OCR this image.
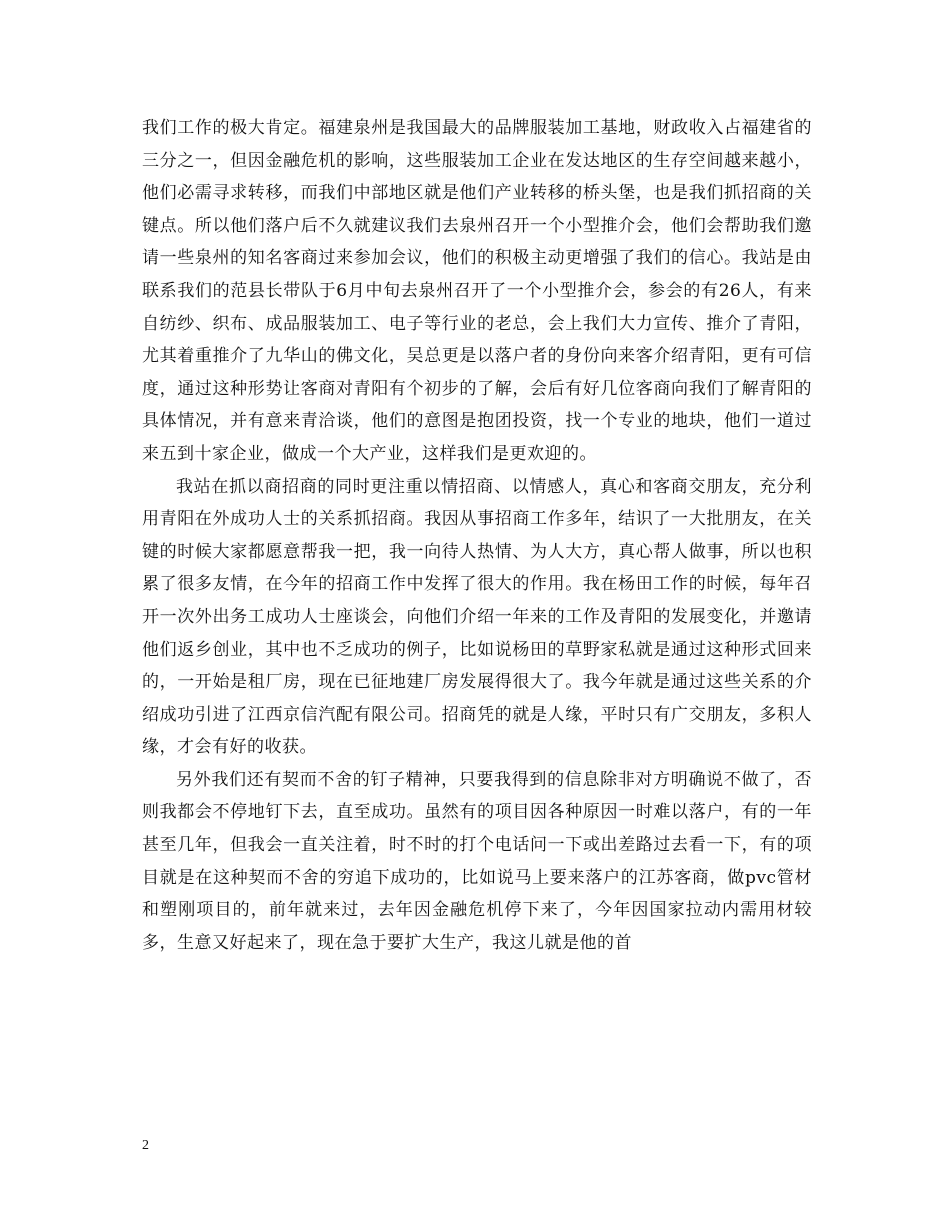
我们工作的极大肯定。福建泉州是我国最大的品牌服装加工基地，财政收入占福建省的三分之一，但因金融危机的影响，这些服装加工企业在发达地区的生存空间越来越小，他们必需寻求转移，而我们中部地区就是他们产业转移的桥头堡，也是我们抓招商的关键点。所以他们落户后不久就建议我们去泉州召开一个小型推介会，他们会帮助我们邀请一些泉州的知名客商过来参加会议，他们的积极主动更增强了我们的信心。我站是由联系我们的范县长带队于6月中旬去泉州召开了一个小型推介会，参会的有26人，有来自纺纱、织布、成品服装加工、电子等行业的老总，会上我们大力宣传、推介了青阳，尤其着重推介了九华山的佛文化，吴总更是以落户者的身份向来客介绍青阳，更有可信度，通过这种形势让客商对青阳有个初步的了解，会后有好几位客商向我们了解青阳的具体情况，并有意来青洽谈，他们的意图是抱团投资，找一个专业的地块，他们一道过来五到十家企业，做成一个大产业，这样我们是更欢迎的。

我站在抓以商招商的同时更注重以情招商、以情感人，真心和客商交朋友，充分利用青阳在外成功人士的关系抓招商。我因从事招商工作多年，结识了一大批朋友，在关键的时候大家都愿意帮我一把，我一向待人热情、为人大方，真心帮人做事，所以也积累了很多友情，在今年的招商工作中发挥了很大的作用。我在杨田工作的时候，每年召开一次外出务工成功人士座谈会，向他们介绍一年来的工作及青阳的发展变化，并邀请他们返乡创业，其中也不乏成功的例子，比如说杨田的草野家私就是通过这种形式回来的，一开始是租厂房，现在已征地建厂房发展得很大了。我今年就是通过这些关系的介绍成功引进了江西京信汽配有限公司。招商凭的就是人缘，平时只有广交朋友，多积人缘，才会有好的收获。

另外我们还有契而不舍的钉子精神，只要我得到的信息除非对方明确说不做了，否则我都会不停地钉下去，直至成功。虽然有的项目因各种原因一时难以落户，有的一年甚至几年，但我会一直关注着，时不时的打个电话问一下或出差路过去看一下，有的项目就是在这种契而不舍的穷追下成功的，比如说马上要来落户的江苏客商，做pvc管材和塑刚项目的，前年就来过，去年因金融危机停下来了，今年因国家拉动内需用材较多，生意又好起来了，现在急于要扩大生产，我这儿就是他的首

2
